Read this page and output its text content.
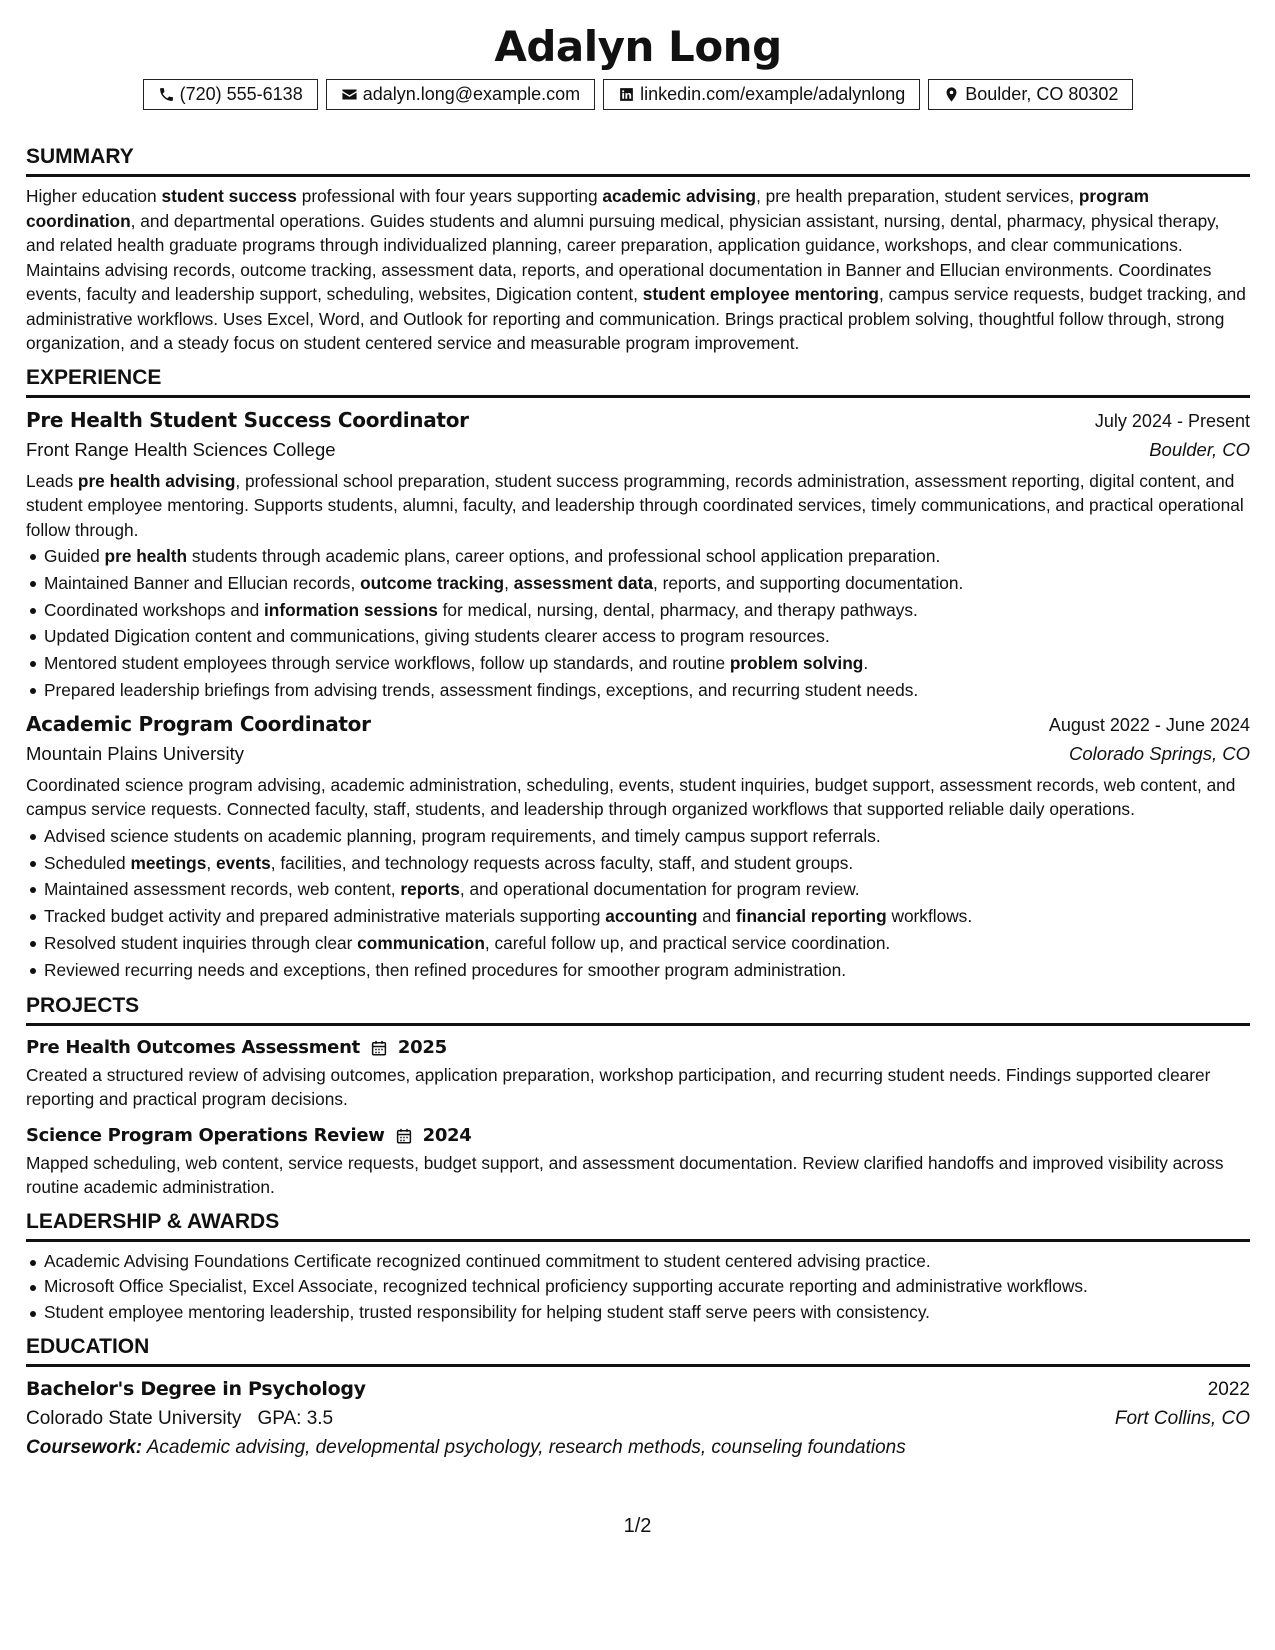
Adalyn Long
(720) 555-6138	adalyn.long@example.com	linkedin.com/example/adalynlong	Boulder, CO 80302
SUMMARY

Higher education student success professional with four years supporting academic advising, pre health preparation, student services, program coordination, and departmental operations. Guides students and alumni pursuing medical, physician assistant, nursing, dental, pharmacy, physical therapy, and related health graduate programs through individualized planning, career preparation, application guidance, workshops, and clear communications. Maintains advising records, outcome tracking, assessment data, reports, and operational documentation in Banner and Ellucian environments. Coordinates events, faculty and leadership support, scheduling, websites, Digication content, student employee mentoring, campus service requests, budget tracking, and administrative workflows. Uses Excel, Word, and Outlook for reporting and communication. Brings practical problem solving, thoughtful follow through, strong organization, and a steady focus on student centered service and measurable program improvement.

EXPERIENCE
Pre Health Student Success Coordinator	July 2024 - Present
Front Range Health Sciences College	Boulder, CO

Leads pre health advising, professional school preparation, student success programming, records administration, assessment reporting, digital content, and student employee mentoring. Supports students, alumni, faculty, and leadership through coordinated services, timely communications, and practical operational follow through.

Guided pre health students through academic plans, career options, and professional school application preparation.
Maintained Banner and Ellucian records, outcome tracking, assessment data, reports, and supporting documentation.
Coordinated workshops and information sessions for medical, nursing, dental, pharmacy, and therapy pathways.
Updated Digication content and communications, giving students clearer access to program resources.
Mentored student employees through service workflows, follow up standards, and routine problem solving.
Prepared leadership briefings from advising trends, assessment findings, exceptions, and recurring student needs.
Academic Program Coordinator	August 2022 - June 2024
Mountain Plains University	Colorado Springs, CO

Coordinated science program advising, academic administration, scheduling, events, student inquiries, budget support, assessment records, web content, and campus service requests. Connected faculty, staff, students, and leadership through organized workflows that supported reliable daily operations.

Advised science students on academic planning, program requirements, and timely campus support referrals.
Scheduled meetings, events, facilities, and technology requests across faculty, staff, and student groups.
Maintained assessment records, web content, reports, and operational documentation for program review.
Tracked budget activity and prepared administrative materials supporting accounting and financial reporting workflows.
Resolved student inquiries through clear communication, careful follow up, and practical service coordination.
Reviewed recurring needs and exceptions, then refined procedures for smoother program administration.
PROJECTS
Pre Health Outcomes Assessment 2025

Created a structured review of advising outcomes, application preparation, workshop participation, and recurring student needs. Findings supported clearer reporting and practical program decisions.

Science Program Operations Review 2024

Mapped scheduling, web content, service requests, budget support, and assessment documentation. Review clarified handoffs and improved visibility across routine academic administration.

LEADERSHIP & AWARDS
Academic Advising Foundations Certificate recognized continued commitment to student centered advising practice.
Microsoft Office Specialist, Excel Associate, recognized technical proficiency supporting accurate reporting and administrative workflows.
Student employee mentoring leadership, trusted responsibility for helping student staff serve peers with consistency.
EDUCATION
Bachelor's Degree in Psychology	2022
Colorado State University GPA: 3.5	Fort Collins, CO

Coursework: Academic advising, developmental psychology, research methods, counseling foundations

1/2
